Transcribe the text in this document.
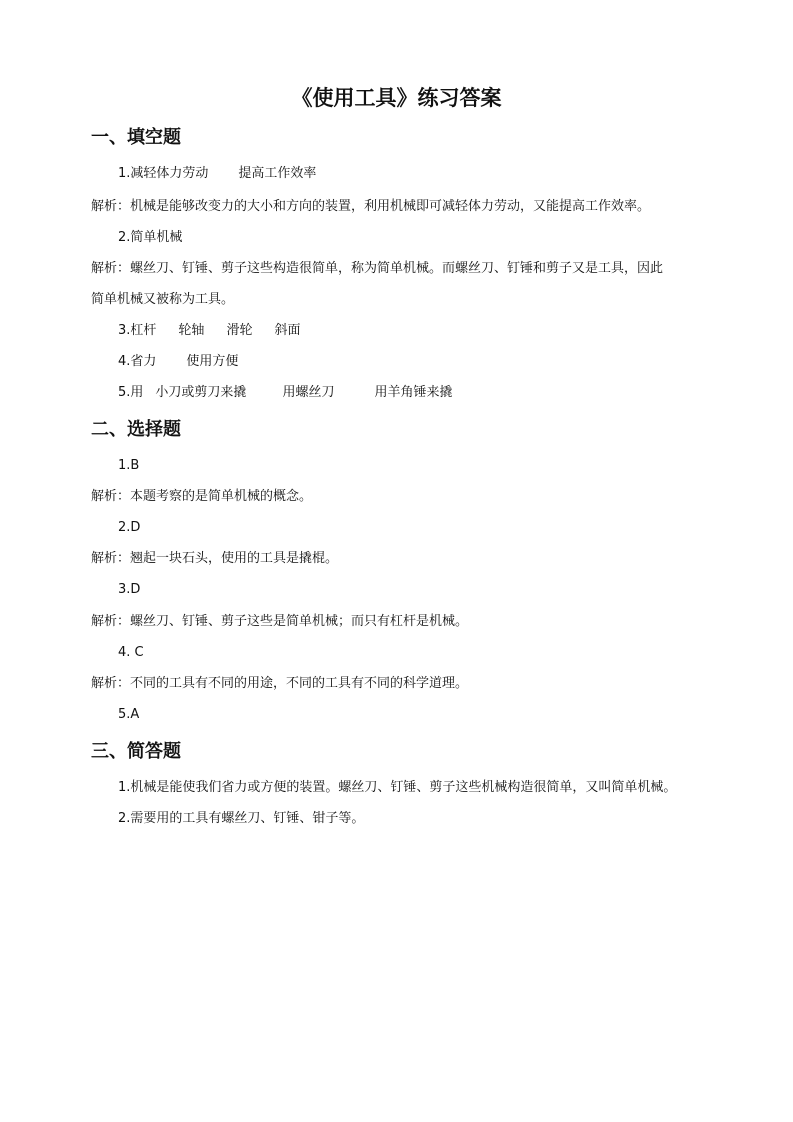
《使用工具》练习答案
一、填空题
1.减轻体力劳动 提高工作效率
解析：机械是能够改变力的大小和方向的装置，利用机械即可减轻体力劳动，又能提高工作效率。
2.简单机械
解析：螺丝刀、钉锤、剪子这些构造很简单，称为简单机械。而螺丝刀、钉锤和剪子又是工具，因此
简单机械又被称为工具。
3.杠杆 轮轴 滑轮 斜面
4.省力 使用方便
5.用 小刀或剪刀来撬	用螺丝刀	用羊角锤来撬
二、选择题
1.B
解析：本题考察的是简单机械的概念。
2.D
解析：翘起一块石头，使用的工具是撬棍。
3.D
解析：螺丝刀、钉锤、剪子这些是简单机械；而只有杠杆是机械。
4. C
解析：不同的工具有不同的用途，不同的工具有不同的科学道理。
5.A
三、简答题
1.机械是能使我们省力或方便的装置。螺丝刀、钉锤、剪子这些机械构造很简单，又叫简单机械。
2.需要用的工具有螺丝刀、钉锤、钳子等。
